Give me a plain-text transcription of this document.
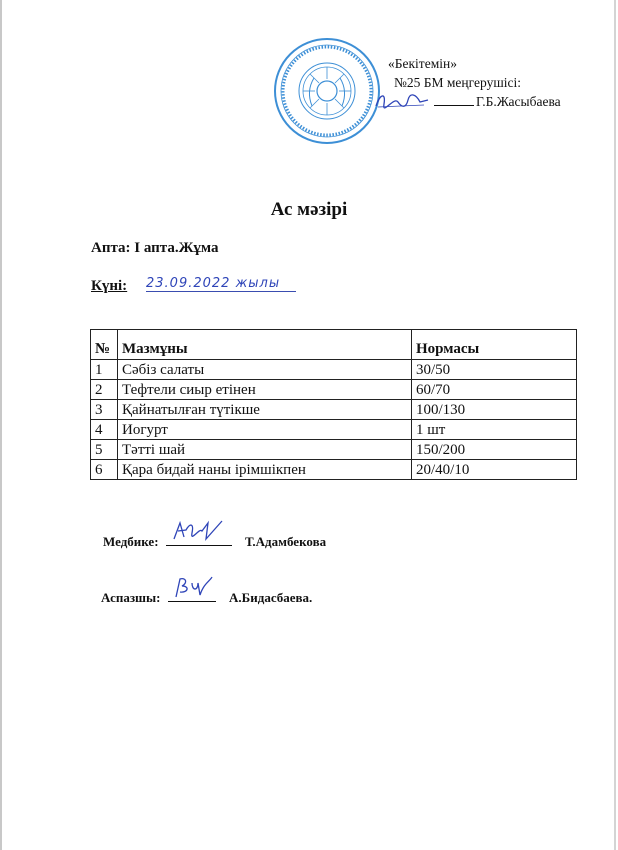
«Бекітемін»
№25 БМ меңгерушісі:
Г.Б.Жасыбаева
Ас мәзірі
Апта: І апта.Жұма
Күні: 23.09.2022 жылы
№	Мазмұны	Нормасы
1	Сәбіз салаты	30/50
2	Тефтели сиыр етінен	60/70
3	Қайнатылған түтікше	100/130
4	Иогурт	1 шт
5	Тәтті шай	150/200
6	Қара бидай наны ірімшікпен	20/40/10
Медбике:	Т.Адамбекова
Аспазшы:	А.Бидасбаева.
